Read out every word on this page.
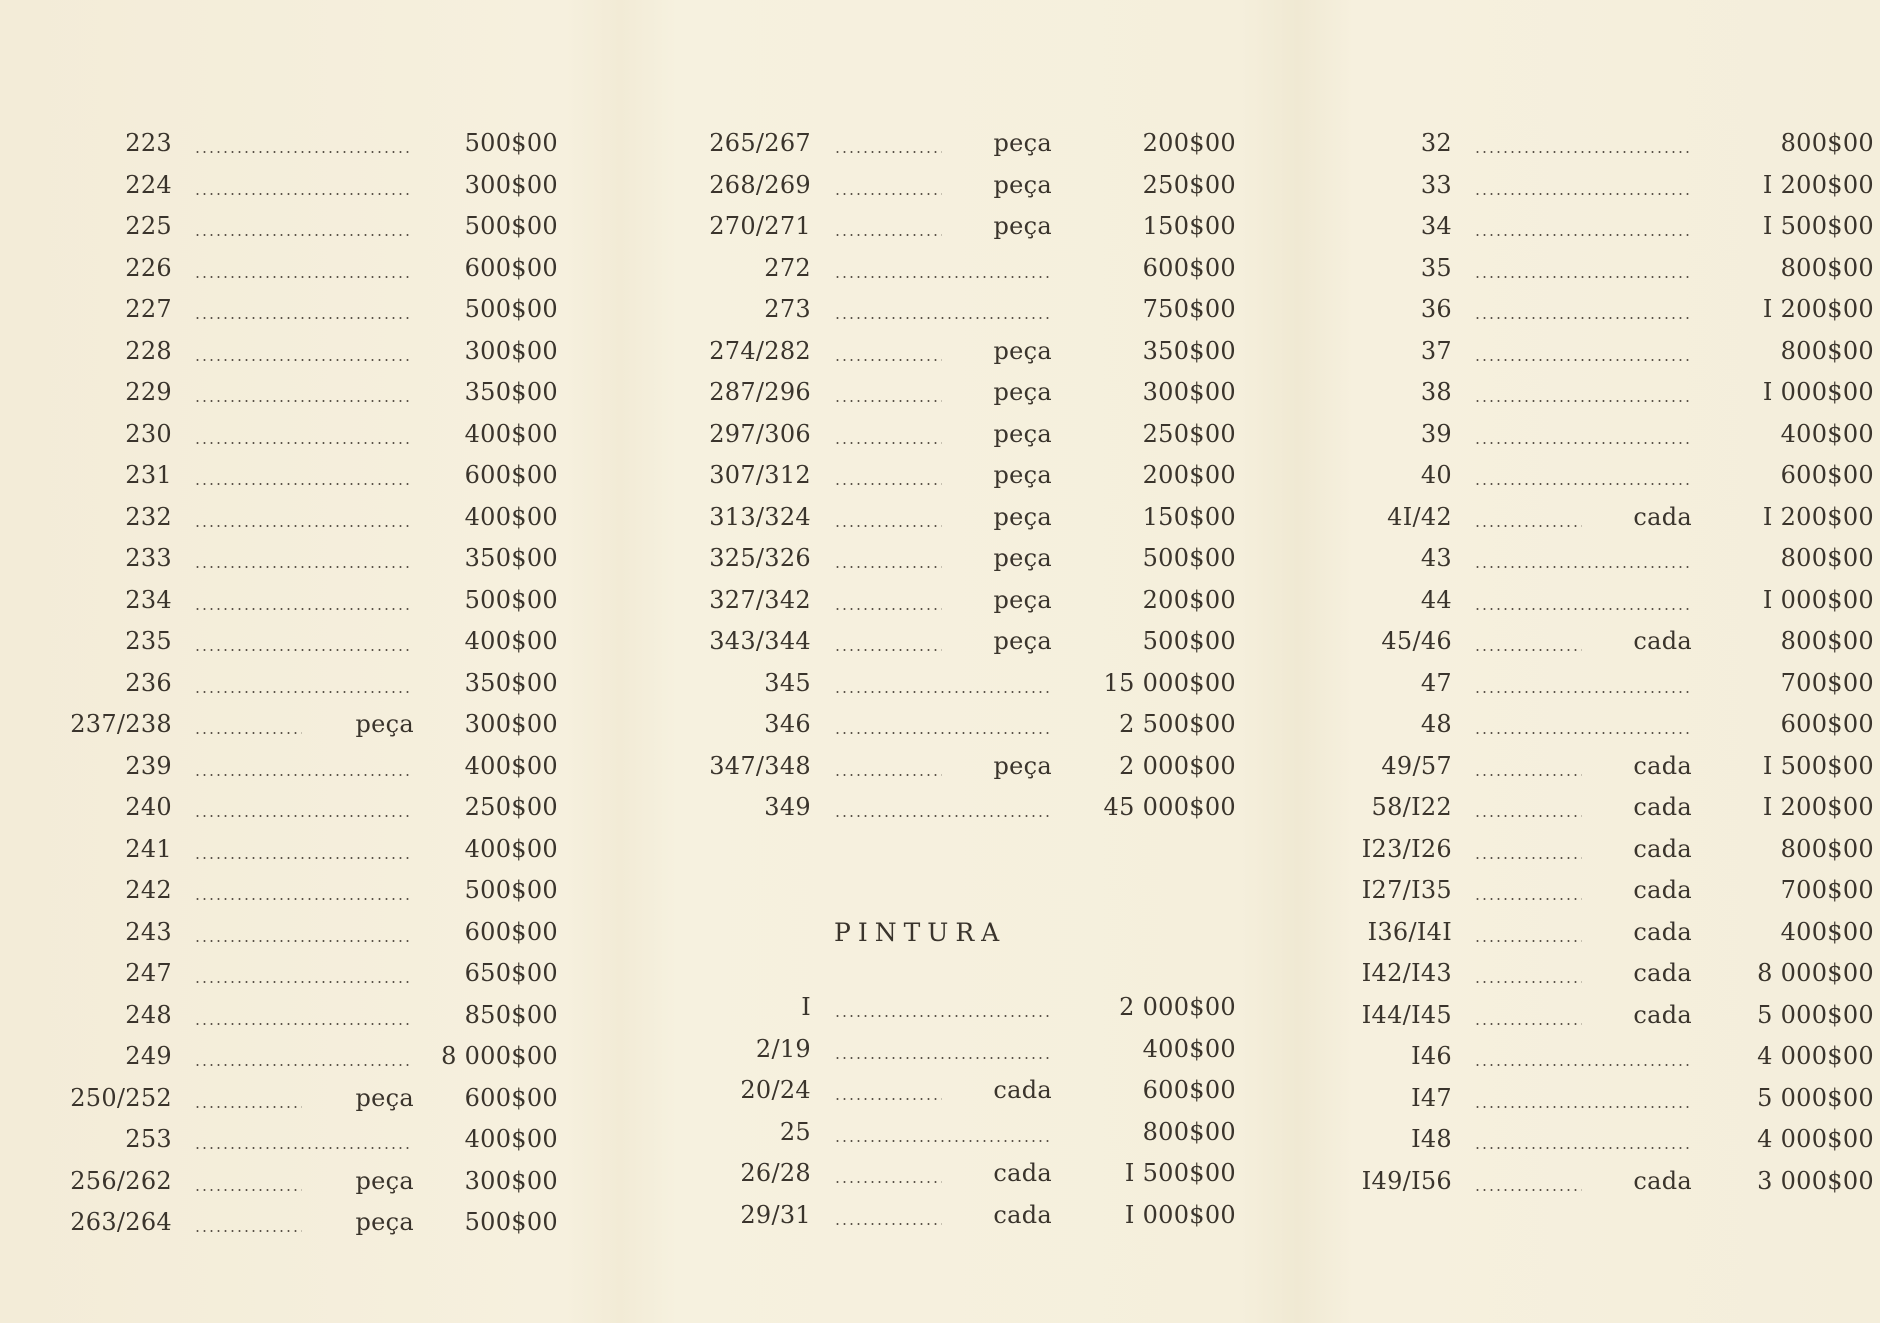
223	500$00
224	300$00
225	500$00
226	600$00
227	500$00
228	300$00
229	350$00
230	400$00
231	600$00
232	400$00
233	350$00
234	500$00
235	400$00
236	350$00
237/238	peça	300$00
239	400$00
240	250$00
241	400$00
242	500$00
243	600$00
247	650$00
248	850$00
249	8 000$00
250/252	peça	600$00
253	400$00
256/262	peça	300$00
263/264	peça	500$00
265/267	peça	200$00
268/269	peça	250$00
270/271	peça	150$00
272	600$00
273	750$00
274/282	peça	350$00
287/296	peça	300$00
297/306	peça	250$00
307/312	peça	200$00
313/324	peça	150$00
325/326	peça	500$00
327/342	peça	200$00
343/344	peça	500$00
345	15 000$00
346	2 500$00
347/348	peça	2 000$00
349	45 000$00
PINTURA
I	2 000$00
2/19	400$00
20/24	cada	600$00
25	800$00
26/28	cada	I 500$00
29/31	cada	I 000$00
32	800$00
33	I 200$00
34	I 500$00
35	800$00
36	I 200$00
37	800$00
38	I 000$00
39	400$00
40	600$00
4I/42	cada	I 200$00
43	800$00
44	I 000$00
45/46	cada	800$00
47	700$00
48	600$00
49/57	cada	I 500$00
58/I22	cada	I 200$00
I23/I26	cada	800$00
I27/I35	cada	700$00
I36/I4I	cada	400$00
I42/I43	cada	8 000$00
I44/I45	cada	5 000$00
I46	4 000$00
I47	5 000$00
I48	4 000$00
I49/I56	cada	3 000$00
